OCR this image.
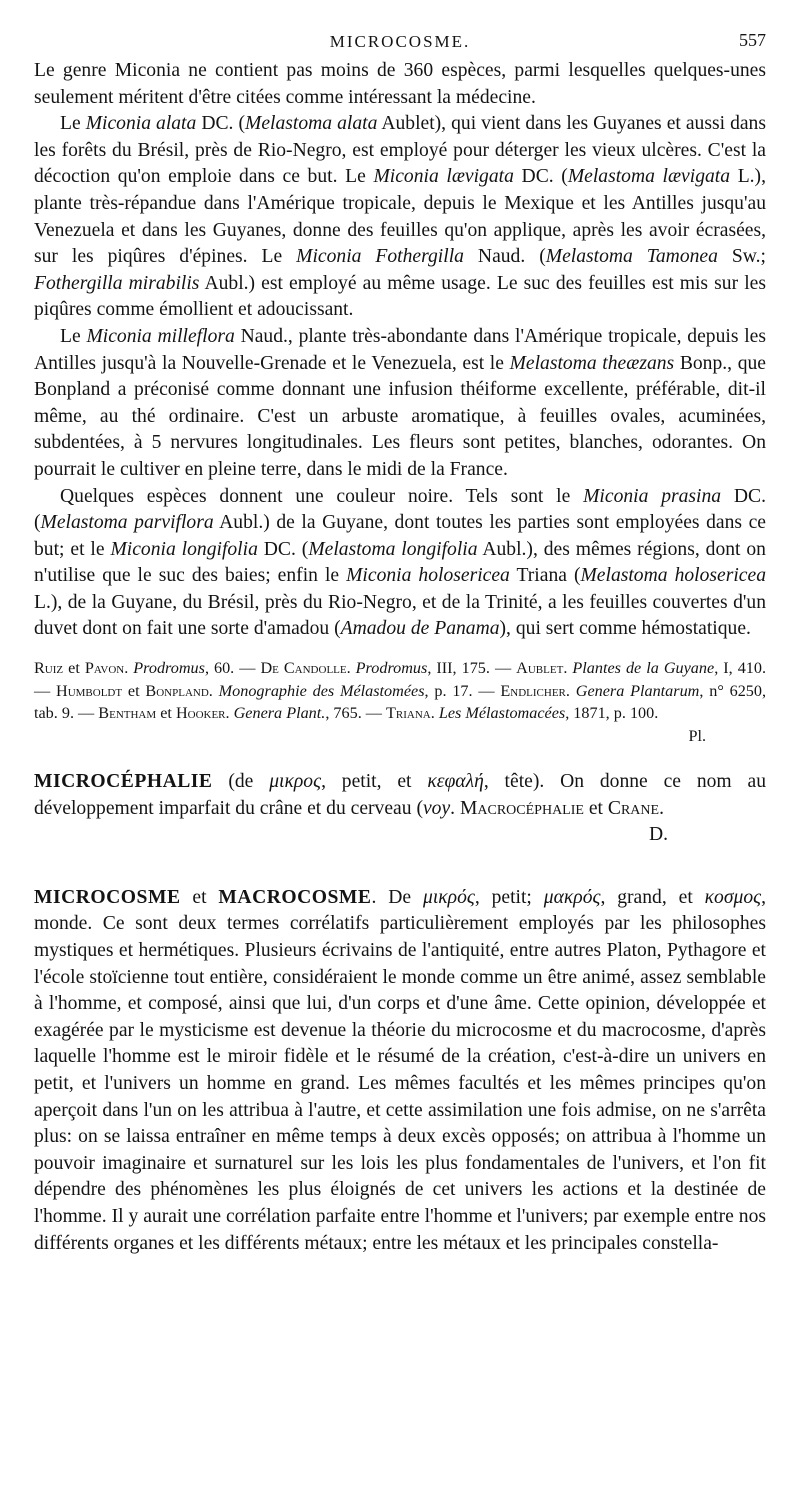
MICROCOSME.	557

Le genre Miconia ne contient pas moins de 360 espèces, parmi lesquelles quelques-unes seulement méritent d'être citées comme intéressant la médecine.

Le Miconia alata DC. (Melastoma alata Aublet), qui vient dans les Guyanes et aussi dans les forêts du Brésil, près de Rio-Negro, est employé pour déterger les vieux ulcères. C'est la décoction qu'on emploie dans ce but. Le Miconia lævigata DC. (Melastoma lævigata L.), plante très-répandue dans l'Amérique tropicale, depuis le Mexique et les Antilles jusqu'au Venezuela et dans les Guyanes, donne des feuilles qu'on applique, après les avoir écrasées, sur les piqûres d'épines. Le Miconia Fothergilla Naud. (Melastoma Tamonea Sw.; Fothergilla mirabilis Aubl.) est employé au même usage. Le suc des feuilles est mis sur les piqûres comme émollient et adoucissant.

Le Miconia milleflora Naud., plante très-abondante dans l'Amérique tropicale, depuis les Antilles jusqu'à la Nouvelle-Grenade et le Venezuela, est le Melastoma theæzans Bonp., que Bonpland a préconisé comme donnant une infusion théiforme excellente, préférable, dit-il même, au thé ordinaire. C'est un arbuste aromatique, à feuilles ovales, acuminées, subdentées, à 5 nervures longitudinales. Les fleurs sont petites, blanches, odorantes. On pourrait le cultiver en pleine terre, dans le midi de la France.

Quelques espèces donnent une couleur noire. Tels sont le Miconia prasina DC. (Melastoma parviflora Aubl.) de la Guyane, dont toutes les parties sont employées dans ce but; et le Miconia longifolia DC. (Melastoma longifolia Aubl.), des mêmes régions, dont on n'utilise que le suc des baies; enfin le Miconia holosericea Triana (Melastoma holosericea L.), de la Guyane, du Brésil, près du Rio-Negro, et de la Trinité, a les feuilles couvertes d'un duvet dont on fait une sorte d'amadou (Amadou de Panama), qui sert comme hémostatique.

Ruiz et Pavon. Prodromus, 60. — De Candolle. Prodromus, III, 175. — Aublet. Plantes de la Guyane, I, 410. — Humboldt et Bonpland. Monographie des Mélastomées, p. 17. — Endlicher. Genera Plantarum, n° 6250, tab. 9. — Bentham et Hooker. Genera Plant., 765. — Triana. Les Mélastomacées, 1871, p. 100.
Pl.

MICROCÉPHALIE (de μικρος, petit, et κεφαλή, tête). On donne ce nom au développement imparfait du crâne et du cerveau (voy. Macrocéphalie et Crane.
D.

MICROCOSME et MACROCOSME. De μικρός, petit; μακρός, grand, et κοσμος, monde. Ce sont deux termes corrélatifs particulièrement employés par les philosophes mystiques et hermétiques. Plusieurs écrivains de l'antiquité, entre autres Platon, Pythagore et l'école stoïcienne tout entière, considéraient le monde comme un être animé, assez semblable à l'homme, et composé, ainsi que lui, d'un corps et d'une âme. Cette opinion, développée et exagérée par le mysticisme est devenue la théorie du microcosme et du macrocosme, d'après laquelle l'homme est le miroir fidèle et le résumé de la création, c'est-à-dire un univers en petit, et l'univers un homme en grand. Les mêmes facultés et les mêmes principes qu'on aperçoit dans l'un on les attribua à l'autre, et cette assimilation une fois admise, on ne s'arrêta plus: on se laissa entraîner en même temps à deux excès opposés; on attribua à l'homme un pouvoir imaginaire et surnaturel sur les lois les plus fondamentales de l'univers, et l'on fit dépendre des phénomènes les plus éloignés de cet univers les actions et la destinée de l'homme. Il y aurait une corrélation parfaite entre l'homme et l'univers; par exemple entre nos différents organes et les différents métaux; entre les métaux et les principales constella-
